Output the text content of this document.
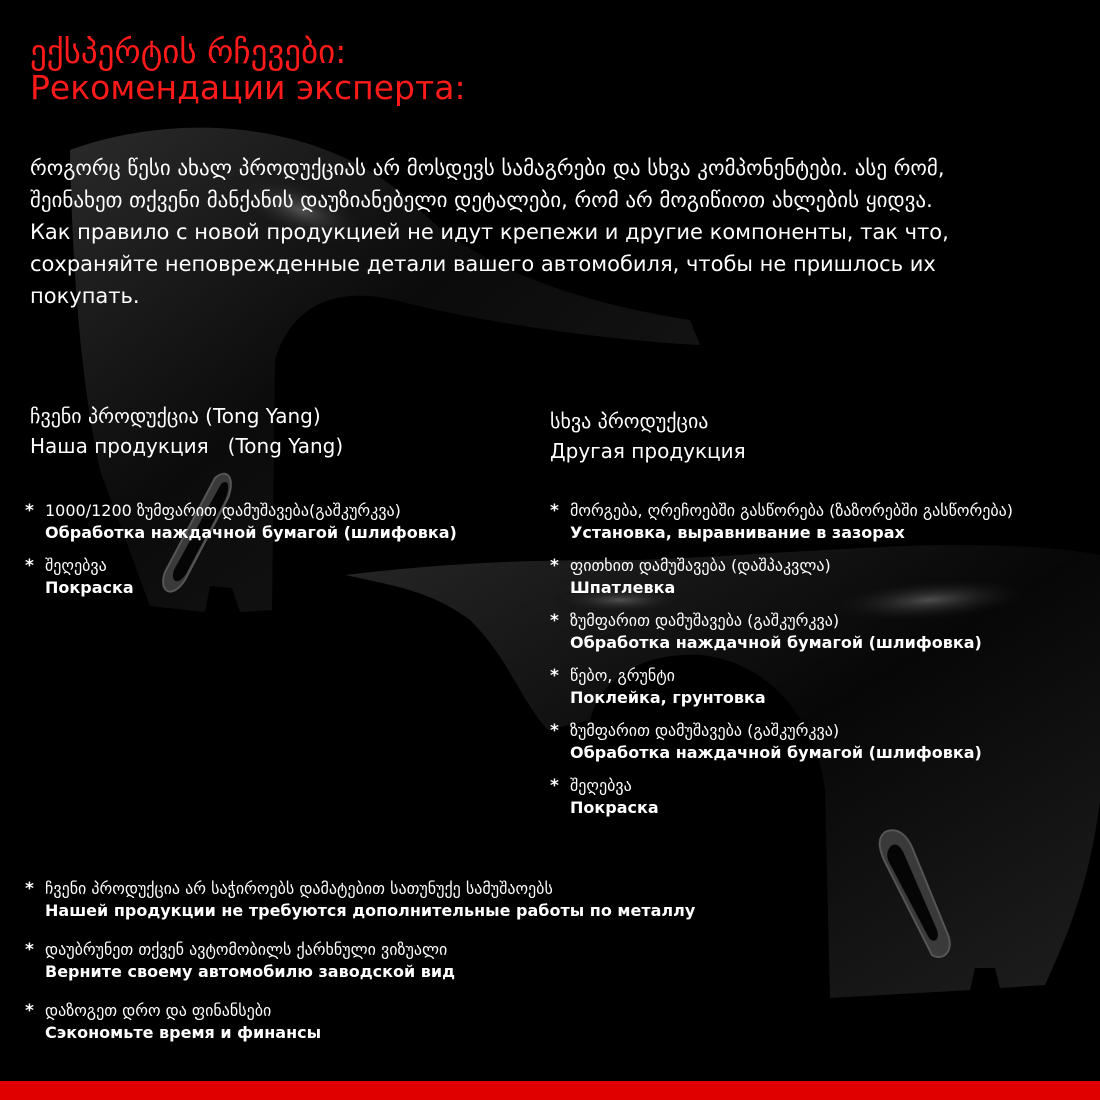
ექსპერტის რჩევები:
Рекомендации эксперта:

როგორც წესი ახალ პროდუქციას არ მოსდევს სამაგრები და სხვა კომპონენტები. ასე რომ, შეინახეთ თქვენი მანქანის დაუზიანებელი დეტალები, რომ არ მოგიწიოთ ახლების ყიდვა.

Как правило с новой продукцией не идут крепежи и другие компоненты, так что, сохраняйте неповрежденные детали вашего автомобиля, чтобы не пришлось их покупать.

ჩვენი პროდუქცია (Tong Yang)
Наша продукция   (Tong Yang)
* 1000/1200 ზუმფარით დამუშავება(გაშკურკვა)
Обработка наждачной бумагой (шлифовка)
* შეღებვა
Покраска
სხვა პროდუქცია
Другая продукция
* მორგება, ღრეჩოებში გასწორება (ზაზორებში გასწორება)
Установка, выравнивание в зазорах
* ფითხით დამუშავება (დაშპაკვლა)
Шпатлевка
* ზუმფარით დამუშავება (გაშკურკვა)
Обработка наждачной бумагой (шлифовка)
* წებო, გრუნტი
Поклейка, грунтовка
* ზუმფარით დამუშავება (გაშკურკვა)
Обработка наждачной бумагой (шлифовка)
* შეღებვა
Покраска
* ჩვენი პროდუქცია არ საჭიროებს დამატებით სათუნუქე სამუშაოებს
Нашей продукции не требуются дополнительные работы по металлу
* დაუბრუნეთ თქვენ ავტომობილს ქარხნული ვიზუალი
Верните своему автомобилю заводской вид
* დაზოგეთ დრო და ფინანსები
Сэкономьте время и финансы
